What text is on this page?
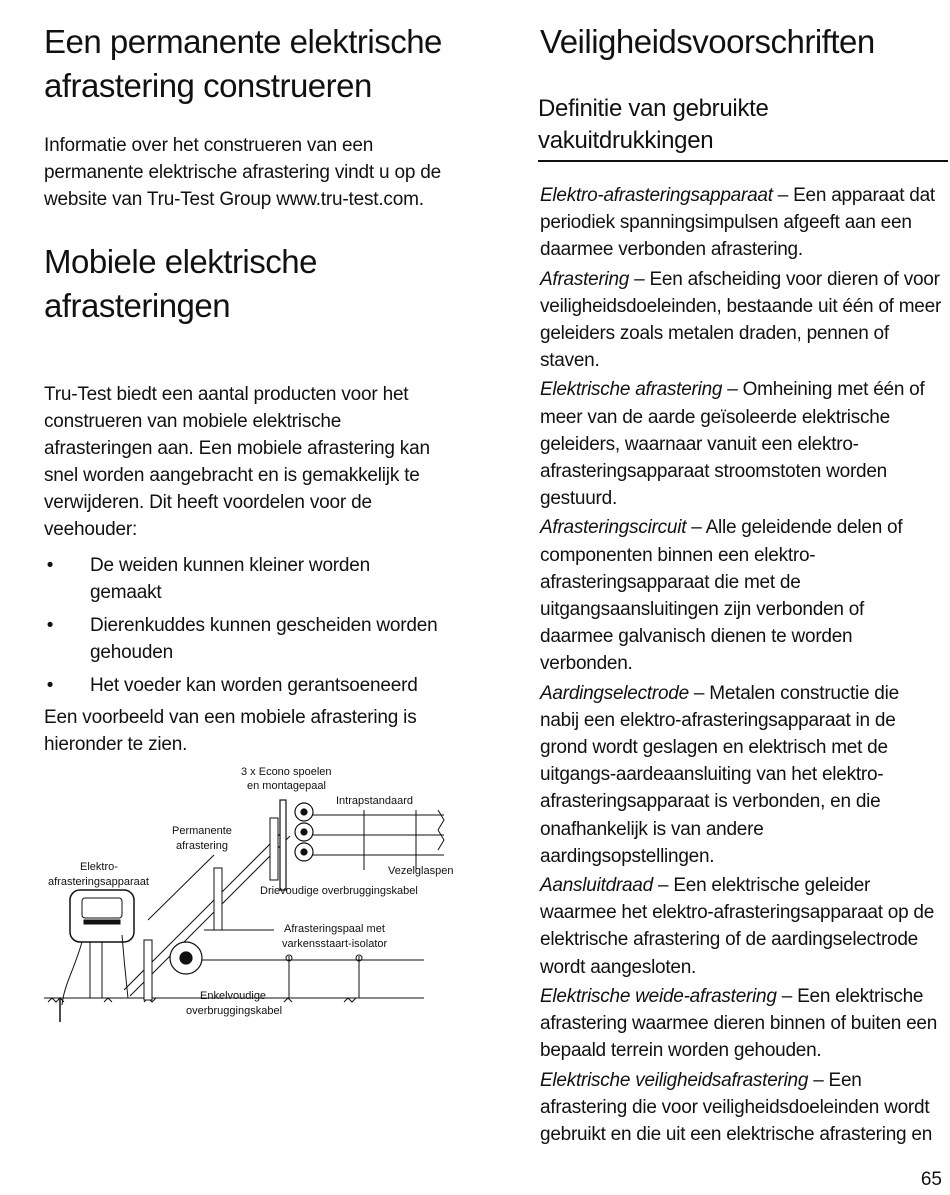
Een permanente elektrische
afrastering construeren

Informatie over het construeren van een

permanente elektrische afrastering vindt u op de

website van Tru-Test Group www.tru-test.com.

Mobiele elektrische
afrasteringen

Tru-Test biedt een aantal producten voor het

construeren van mobiele elektrische

afrasteringen aan. Een mobiele afrastering kan

snel worden aangebracht en is gemakkelijk te

verwijderen. Dit heeft voordelen voor de

veehouder:

• De weiden kunnen kleiner worden
gemaakt
• Dierenkuddes kunnen gescheiden worden
gehouden
• Het voeder kan worden gerantsoeneerd

Een voorbeeld van een mobiele afrastering is

hieronder te zien.

3 x Econo spoelen
en montagepaal
Intrapstandaard
Permanente
afrastering
Elektro-
afrasteringsapparaat
Vezelglaspen
Drievoudige overbruggingskabel
Afrasteringspaal met
varkensstaart-isolator
Enkelvoudige
overbruggingskabel
Veiligheidsvoorschriften
Definitie van gebruikte
vakuitdrukkingen
Elektro-afrasteringsapparaat – Een apparaat dat
periodiek spanningsimpulsen afgeeft aan een
daarmee verbonden afrastering.
Afrastering – Een afscheiding voor dieren of voor
veiligheidsdoeleinden, bestaande uit één of meer
geleiders zoals metalen draden, pennen of
staven.
Elektrische afrastering – Omheining met één of
meer van de aarde geïsoleerde elektrische
geleiders, waarnaar vanuit een elektro-
afrasteringsapparaat stroomstoten worden
gestuurd.
Afrasteringscircuit – Alle geleidende delen of
componenten binnen een elektro-
afrasteringsapparaat die met de
uitgangsaansluitingen zijn verbonden of
daarmee galvanisch dienen te worden
verbonden.
Aardingselectrode – Metalen constructie die
nabij een elektro-afrasteringsapparaat in de
grond wordt geslagen en elektrisch met de
uitgangs-aardeaansluiting van het elektro-
afrasteringsapparaat is verbonden, en die
onafhankelijk is van andere
aardingsopstellingen.
Aansluitdraad – Een elektrische geleider
waarmee het elektro-afrasteringsapparaat op de
elektrische afrastering of de aardingselectrode
wordt aangesloten.
Elektrische weide-afrastering – Een elektrische
afrastering waarmee dieren binnen of buiten een
bepaald terrein worden gehouden.
Elektrische veiligheidsafrastering – Een
afrastering die voor veiligheidsdoeleinden wordt
gebruikt en die uit een elektrische afrastering en
65
